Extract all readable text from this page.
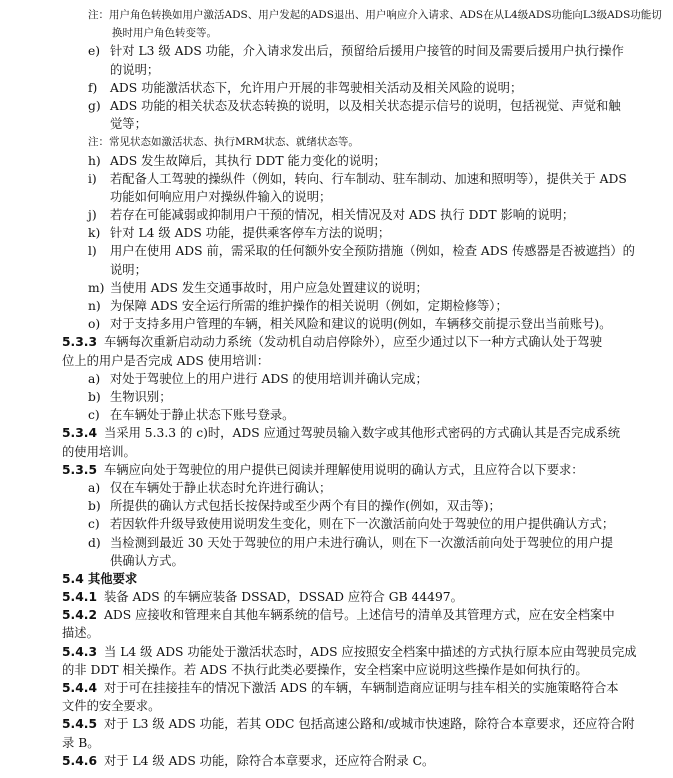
注：用户角色转换如用户激活ADS、用户发起的ADS退出、用户响应介入请求、ADS在从L4级ADS功能向L3级ADS功能切
换时用户角色转变等。
e) 针对 L3 级 ADS 功能，介入请求发出后，预留给后援用户接管的时间及需要后援用户执行操作
的说明；
f) ADS 功能激活状态下，允许用户开展的非驾驶相关活动及相关风险的说明；
g) ADS 功能的相关状态及状态转换的说明，以及相关状态提示信号的说明，包括视觉、声觉和触
觉等；
注：常见状态如激活状态、执行MRM状态、就绪状态等。
h) ADS 发生故障后，其执行 DDT 能力变化的说明；
i) 若配备人工驾驶的操纵件（例如，转向、行车制动、驻车制动、加速和照明等），提供关于 ADS
功能如何响应用户对操纵件输入的说明；
j) 若存在可能减弱或抑制用户干预的情况，相关情况及对 ADS 执行 DDT 影响的说明；
k) 针对 L4 级 ADS 功能，提供乘客停车方法的说明；
l) 用户在使用 ADS 前，需采取的任何额外安全预防措施（例如，检查 ADS 传感器是否被遮挡）的
说明；
m) 当使用 ADS 发生交通事故时，用户应急处置建议的说明；
n) 为保障 ADS 安全运行所需的维护操作的相关说明（例如，定期检修等）；
o) 对于支持多用户管理的车辆，相关风险和建议的说明(例如，车辆移交前提示登出当前账号)。
5.3.3 车辆每次重新启动动力系统（发动机自动启停除外），应至少通过以下一种方式确认处于驾驶
位上的用户是否完成 ADS 使用培训：
a) 对处于驾驶位上的用户进行 ADS 的使用培训并确认完成；
b) 生物识别；
c) 在车辆处于静止状态下账号登录。
5.3.4 当采用 5.3.3 的 c)时，ADS 应通过驾驶员输入数字或其他形式密码的方式确认其是否完成系统
的使用培训。
5.3.5 车辆应向处于驾驶位的用户提供已阅读并理解使用说明的确认方式，且应符合以下要求：
a) 仅在车辆处于静止状态时允许进行确认；
b) 所提供的确认方式包括长按保持或至少两个有目的操作(例如，双击等)；
c) 若因软件升级导致使用说明发生变化，则在下一次激活前向处于驾驶位的用户提供确认方式；
d) 当检测到最近 30 天处于驾驶位的用户未进行确认，则在下一次激活前向处于驾驶位的用户提
供确认方式。
5.4 其他要求
5.4.1 装备 ADS 的车辆应装备 DSSAD，DSSAD 应符合 GB 44497。
5.4.2 ADS 应接收和管理来自其他车辆系统的信号。上述信号的清单及其管理方式，应在安全档案中
描述。
5.4.3 当 L4 级 ADS 功能处于激活状态时，ADS 应按照安全档案中描述的方式执行原本应由驾驶员完成
的非 DDT 相关操作。若 ADS 不执行此类必要操作，安全档案中应说明这些操作是如何执行的。
5.4.4 对于可在挂接挂车的情况下激活 ADS 的车辆，车辆制造商应证明与挂车相关的实施策略符合本
文件的安全要求。
5.4.5 对于 L3 级 ADS 功能，若其 ODC 包括高速公路和/或城市快速路，除符合本章要求，还应符合附
录 B。
5.4.6 对于 L4 级 ADS 功能，除符合本章要求，还应符合附录 C。
